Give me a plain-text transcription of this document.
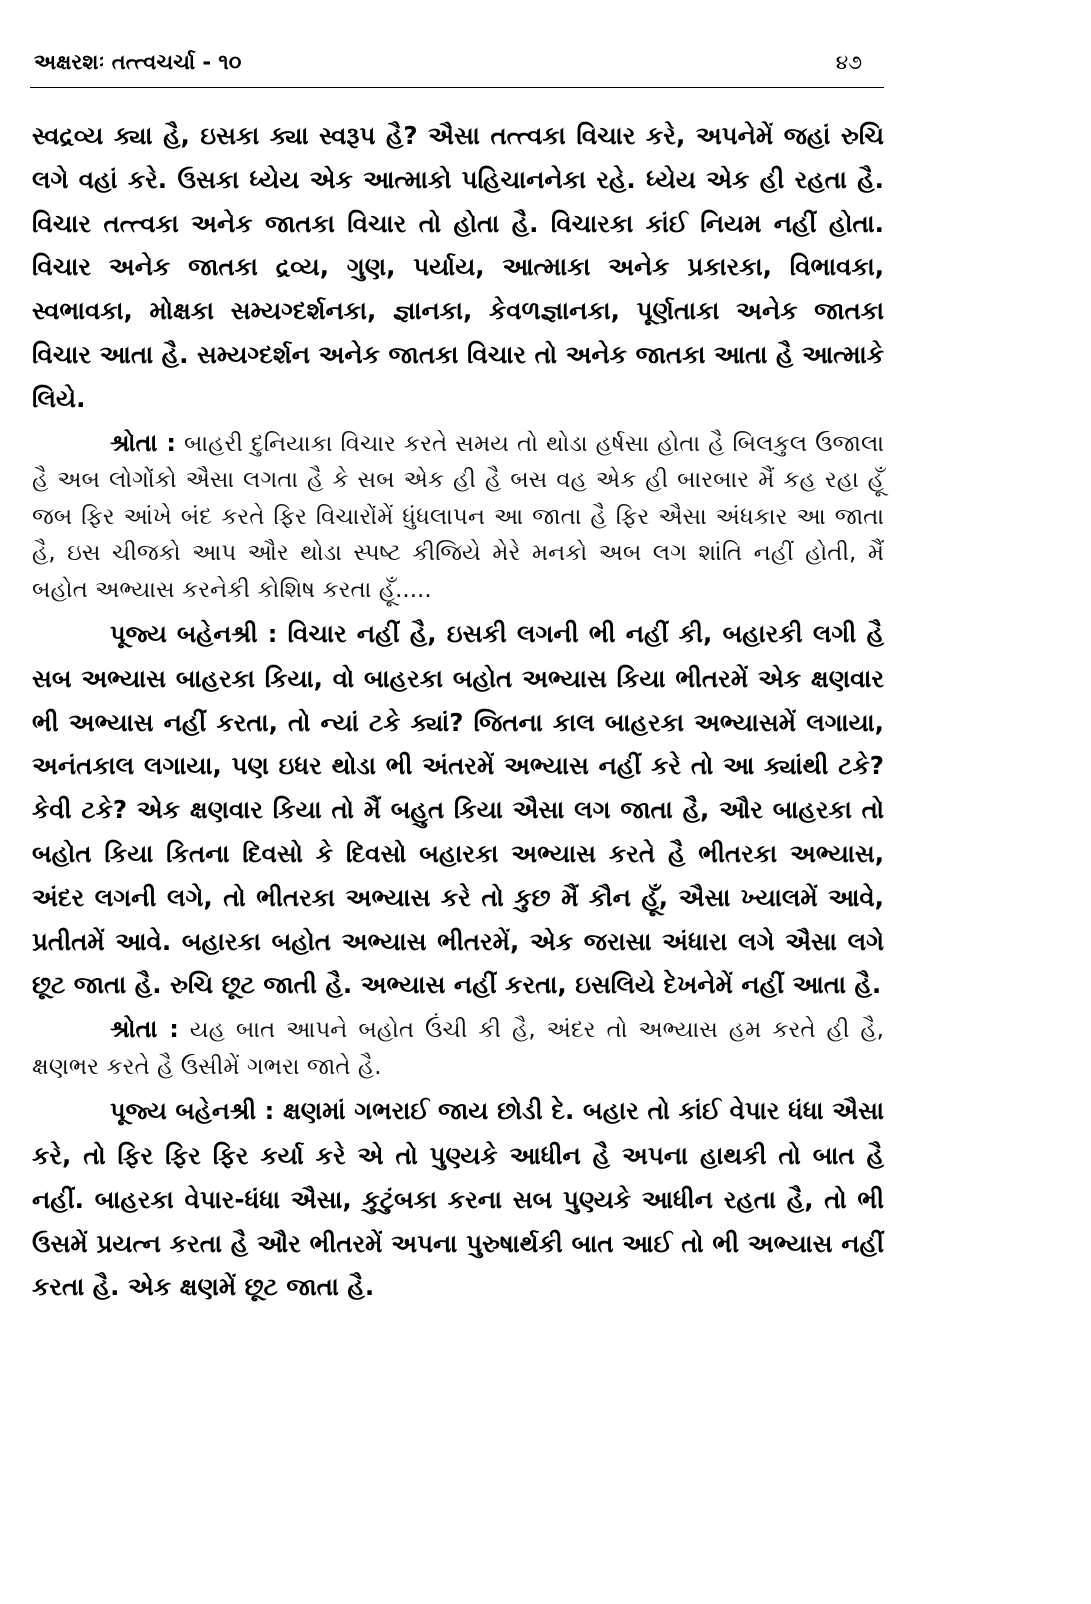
અક્ષરશઃ તત્ત્વચર્ચા - ૧૦	૪૭

સ્વદ્રવ્ય ક્યા હૈ, ઇસકા ક્યા સ્વરૂપ હૈ? ઐસા તત્ત્વકા વિચાર કરે, અપનેમેં જહાં રુચિ લગે વહાં કરે. ઉસકા ધ્યેય એક આત્માકો પહિચાનનેકા રહે. ધ્યેય એક હી રહતા હૈ. વિચાર તત્ત્વકા અનેક જાતકા વિચાર તો હોતા હૈ. વિચારકા કાંઈ નિયમ નહીં હોતા. વિચાર અનેક જાતકા દ્રવ્ય, ગુણ, પર્યાય, આત્માકા અનેક પ્રકારકા, વિભાવકા, સ્વભાવકા, મોક્ષકા સમ્યગ્દર્શનકા, જ્ઞાનકા, કેવળજ્ઞાનકા, પૂર્ણતાકા અનેક જાતકા વિચાર આતા હૈ. સમ્યગ્દર્શન અનેક જાતકા વિચાર તો અનેક જાતકા આતા હૈ આત્માકે લિયે.

શ્રોતા : બાહરી દુનિયાકા વિચાર કરતે સમય તો થોડા હર્ષસા હોતા હૈ બિલકુલ ઉજાલા હૈ અબ લોગોંકો ઐસા લગતા હૈ કે સબ એક હી હૈ બસ વહ એક હી બારબાર મૈં કહ રહા હૂઁ જબ ફિર આંખે બંદ કરતે ફિર વિચારોંમેં ધુંધલાપન આ જાતા હૈ ફિર ઐસા અંધકાર આ જાતા હૈ, ઇસ ચીજકો આપ ઔર થોડા સ્પષ્ટ કીજિયે મેરે મનકો અબ લગ શાંતિ નહીં હોતી, મૈં બહોત અભ્યાસ કરનેકી કોશિષ કરતા હૂઁ.....

પૂજ્ય બહેનશ્રી : વિચાર નહીં હૈ, ઇસકી લગની ભી નહીં કી, બહારકી લગી હૈ સબ અભ્યાસ બાહરકા કિયા, વો બાહરકા બહોત અભ્યાસ કિયા ભીતરમેં એક ક્ષણવાર ભી અભ્યાસ નહીં કરતા, તો ન્યાં ટકે ક્યાં? જિતના કાલ બાહરકા અભ્યાસમેં લગાયા, અનંતકાલ લગાયા, પણ ઇધર થોડા ભી અંતરમેં અભ્યાસ નહીં કરે તો આ ક્યાંથી ટકે? કેવી ટકે? એક ક્ષણવાર કિયા તો મૈં બહુત કિયા ઐસા લગ જાતા હૈ, ઔર બાહરકા તો બહોત કિયા કિતના દિવસો કે દિવસો બહારકા અભ્યાસ કરતે હૈ ભીતરકા અભ્યાસ, અંદર લગની લગે, તો ભીતરકા અભ્યાસ કરે તો કુછ મૈં કૌન હૂઁ, ઐસા ખ્યાલમેં આવે, પ્રતીતમેં આવે. બહારકા બહોત અભ્યાસ ભીતરમેં, એક જરાસા અંધારા લગે ઐસા લગે છૂટ જાતા હૈ. રુચિ છૂટ જાતી હૈ. અભ્યાસ નહીં કરતા, ઇસલિયે દેખનેમેં નહીં આતા હૈ.

શ્રોતા : યહ બાત આપને બહોત ઉંચી કી હૈ, અંદર તો અભ્યાસ હમ કરતે હી હૈ, ક્ષણભર કરતે હૈ ઉસીમેં ગભરા જાતે હૈ.

પૂજ્ય બહેનશ્રી : ક્ષણમાં ગભરાઈ જાય છોડી દે. બહાર તો કાંઈ વેપાર ધંધા ઐસા કરે, તો ફિર ફિર ફિર કર્યા કરે એ તો પુણ્યકે આધીન હૈ અપના હાથકી તો બાત હૈ નહીં. બાહરકા વેપાર-ધંધા ઐસા, કુટુંબકા કરના સબ પુણ્યકે આધીન રહતા હૈ, તો ભી ઉસમેં પ્રયત્ન કરતા હૈ ઔર ભીતરમેં અપના પુરુષાર્થકી બાત આઈ તો ભી અભ્યાસ નહીં કરતા હૈ. એક ક્ષણમેં છૂટ જાતા હૈ.
